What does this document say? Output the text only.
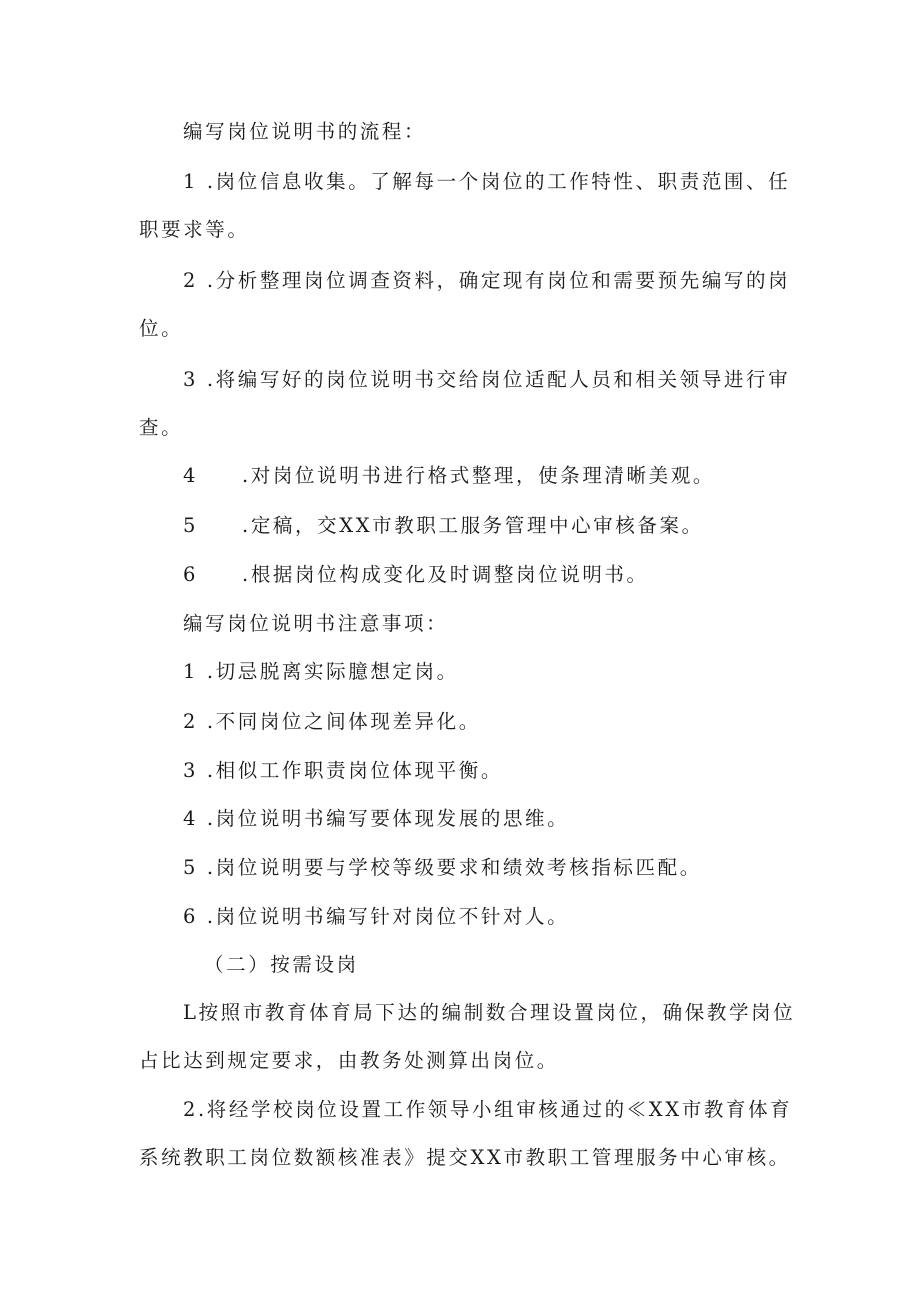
编写岗位说明书的流程：
1 .岗位信息收集。了解每一个岗位的工作特性、职责范围、任
职要求等。
2 .分析整理岗位调查资料，确定现有岗位和需要预先编写的岗
位。
3 .将编写好的岗位说明书交给岗位适配人员和相关领导进行审
查。
4 .对岗位说明书进行格式整理，使条理清晰美观。
5 .定稿，交XX市教职工服务管理中心审核备案。
6 .根据岗位构成变化及时调整岗位说明书。
编写岗位说明书注意事项：
1 .切忌脱离实际臆想定岗。
2 .不同岗位之间体现差异化。
3 .相似工作职责岗位体现平衡。
4 .岗位说明书编写要体现发展的思维。
5 .岗位说明要与学校等级要求和绩效考核指标匹配。
6 .岗位说明书编写针对岗位不针对人。
（二）按需设岗
L按照市教育体育局下达的编制数合理设置岗位，确保教学岗位
占比达到规定要求，由教务处测算出岗位。
2.将经学校岗位设置工作领导小组审核通过的≪XX市教育体育
系统教职工岗位数额核准表》提交XX市教职工管理服务中心审核。
